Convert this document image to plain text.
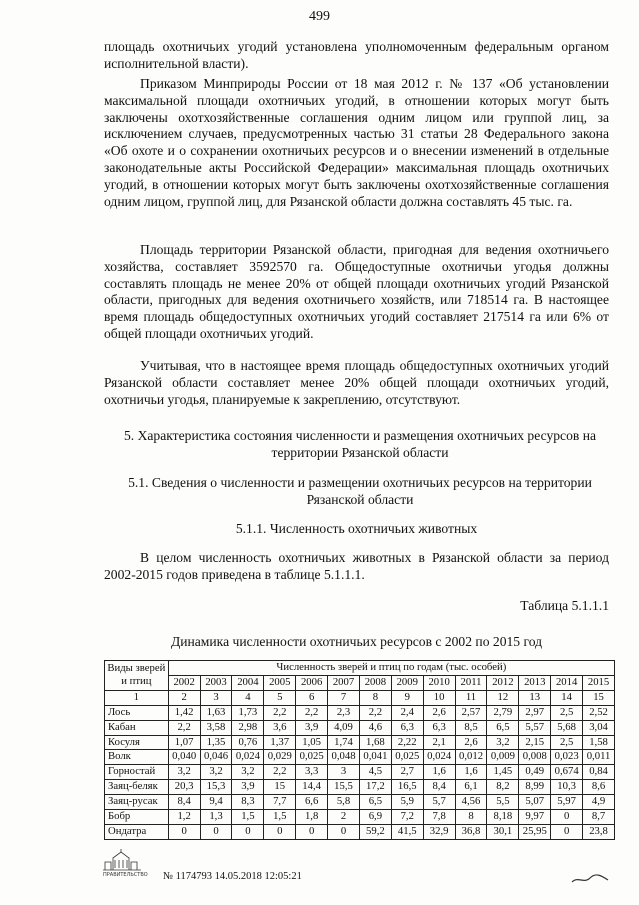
499

площадь охотничьих угодий установлена уполномоченным федеральным органом исполнительной власти).

Приказом Минприроды России от 18 мая 2012 г. № 137 «Об установлении максимальной площади охотничьих угодий, в отношении которых могут быть заключены охотхозяйственные соглашения одним лицом или группой лиц, за исключением случаев, предусмотренных частью 31 статьи 28 Федерального закона «Об охоте и о сохранении охотничьих ресурсов и о внесении изменений в отдельные законодательные акты Российской Федерации» максимальная площадь охотничьих угодий, в отношении которых могут быть заключены охотхозяйственные соглашения одним лицом, группой лиц, для Рязанской области должна составлять 45 тыс. га.

Площадь территории Рязанской области, пригодная для ведения охотничьего хозяйства, составляет 3592570 га. Общедоступные охотничьи угодья должны составлять площадь не менее 20% от общей площади охотничьих угодий Рязанской области, пригодных для ведения охотничьего хозяйств, или 718514 га. В настоящее время площадь общедоступных охотничьих угодий составляет 217514 га или 6% от общей площади охотничьих угодий.

Учитывая, что в настоящее время площадь общедоступных охотничьих угодий Рязанской области составляет менее 20% общей площади охотничьих угодий, охотничьи угодья, планируемые к закреплению, отсутствуют.

5. Характеристика состояния численности и размещения охотничьих ресурсов на территории Рязанской области

5.1. Сведения о численности и размещении охотничьих ресурсов на территории Рязанской области

5.1.1. Численность охотничьих животных

В целом численность охотничьих животных в Рязанской области за период 2002-2015 годов приведена в таблице 5.1.1.1.

Таблица 5.1.1.1

Динамика численности охотничьих ресурсов с 2002 по 2015 год
Виды зверей и птиц	Численность зверей и птиц по годам (тыс. особей)													
	2002	2003	2004	2005	2006	2007	2008	2009	2010	2011	2012	2013	2014	2015
1	2	3	4	5	6	7	8	9	10	11	12	13	14	15
Лось	1,42	1,63	1,73	2,2	2,2	2,3	2,2	2,4	2,6	2,57	2,79	2,97	2,5	2,52
Кабан	2,2	3,58	2,98	3,6	3,9	4,09	4,6	6,3	6,3	8,5	6,5	5,57	5,68	3,04
Косуля	1,07	1,35	0,76	1,37	1,05	1,74	1,68	2,22	2,1	2,6	3,2	2,15	2,5	1,58
Волк	0,040	0,046	0,024	0,029	0,025	0,048	0,041	0,025	0,024	0,012	0,009	0,008	0,023	0,011
Горностай	3,2	3,2	3,2	2,2	3,3	3	4,5	2,7	1,6	1,6	1,45	0,49	0,674	0,84
Заяц-беляк	20,3	15,3	3,9	15	14,4	15,5	17,2	16,5	8,4	6,1	8,2	8,99	10,3	8,6
Заяц-русак	8,4	9,4	8,3	7,7	6,6	5,8	6,5	5,9	5,7	4,56	5,5	5,07	5,97	4,9
Бобр	1,2	1,3	1,5	1,5	1,8	2	6,9	7,2	7,8	8	8,18	9,97	0	8,7
Ондатра	0	0	0	0	0	0	59,2	41,5	32,9	36,8	30,1	25,95	0	23,8
ПРАВИТЕЛЬСТВО № 1174793 14.05.2018 12:05:21
